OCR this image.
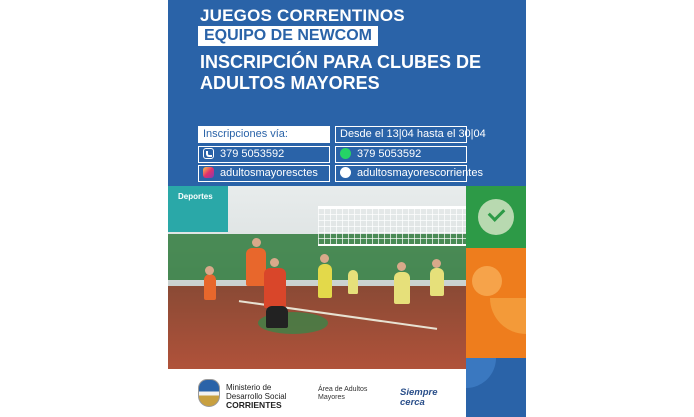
JUEGOS CORRENTINOS
EQUIPO DE NEWCOM
INSCRIPCIÓN PARA CLUBES DE ADULTOS MAYORES
Inscripciones vía:	Desde el 13|04 hasta el 30|04
379 5053592	379 5053592
adultosmayoresctes	adultosmayorescorrientes
Deportes
Ministerio de
Desarrollo Social
CORRIENTES
Área de Adultos
Mayores	Siempre
cerca
